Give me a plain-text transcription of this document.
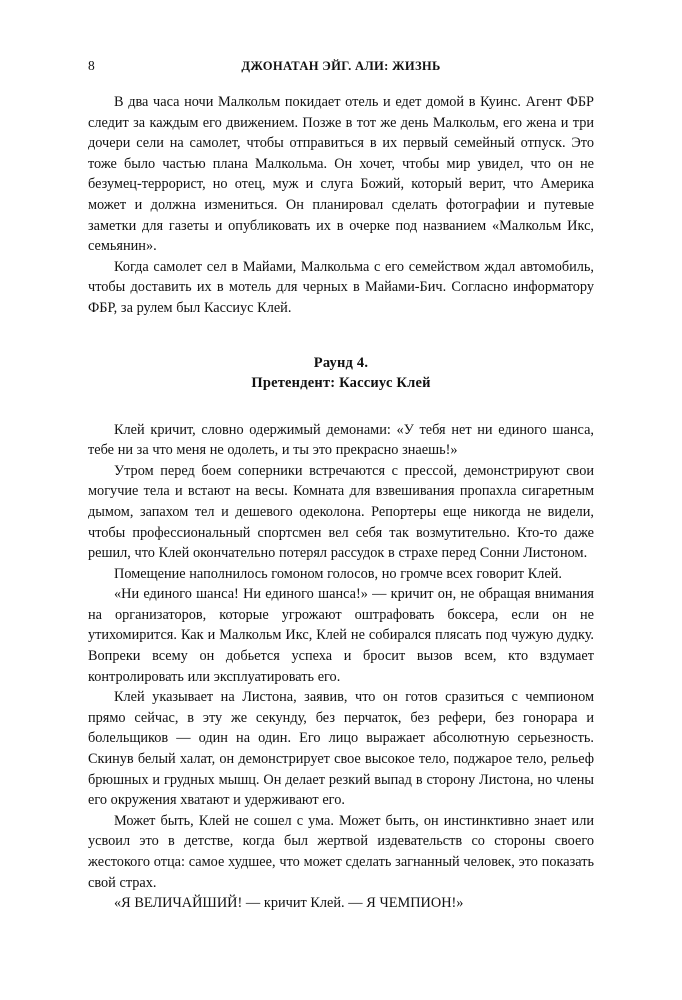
8	ДЖОНАТАН ЭЙГ. АЛИ: ЖИЗНЬ

В два часа ночи Малкольм покидает отель и едет домой в Куинс. Агент ФБР следит за каждым его движением. Позже в тот же день Малкольм, его жена и три дочери сели на самолет, чтобы отправиться в их первый семейный отпуск. Это тоже было частью плана Малкольма. Он хочет, чтобы мир увидел, что он не безумец-террорист, но отец, муж и слуга Божий, который верит, что Америка может и должна измениться. Он планировал сделать фотографии и путевые заметки для газеты и опубликовать их в очерке под названием «Малкольм Икс, семьянин».

Когда самолет сел в Майами, Малкольма с его семейством ждал автомобиль, чтобы доставить их в мотель для черных в Майами-Бич. Согласно информатору ФБР, за рулем был Кассиус Клей.

Раунд 4.
Претендент: Кассиус Клей

Клей кричит, словно одержимый демонами: «У тебя нет ни единого шанса, тебе ни за что меня не одолеть, и ты это прекрасно знаешь!»

Утром перед боем соперники встречаются с прессой, демонстрируют свои могучие тела и встают на весы. Комната для взвешивания пропахла сигаретным дымом, запахом тел и дешевого одеколона. Репортеры еще никогда не видели, чтобы профессиональный спортсмен вел себя так возмутительно. Кто-то даже решил, что Клей окончательно потерял рассудок в страхе перед Сонни Листоном.

Помещение наполнилось гомоном голосов, но громче всех говорит Клей.

«Ни единого шанса! Ни единого шанса!» — кричит он, не обращая внимания на организаторов, которые угрожают оштрафовать боксера, если он не утихомирится. Как и Малкольм Икс, Клей не собирался плясать под чужую дудку. Вопреки всему он добьется успеха и бросит вызов всем, кто вздумает контролировать или эксплуатировать его.

Клей указывает на Листона, заявив, что он готов сразиться с чемпионом прямо сейчас, в эту же секунду, без перчаток, без рефери, без гонорара и болельщиков — один на один. Его лицо выражает абсолютную серьезность. Скинув белый халат, он демонстрирует свое высокое тело, поджарое тело, рельеф брюшных и грудных мышц. Он делает резкий выпад в сторону Листона, но члены его окружения хватают и удерживают его.

Может быть, Клей не сошел с ума. Может быть, он инстинктивно знает или усвоил это в детстве, когда был жертвой издевательств со стороны своего жестокого отца: самое худшее, что может сделать загнанный человек, это показать свой страх.

«Я ВЕЛИЧАЙШИЙ! — кричит Клей. — Я ЧЕМПИОН!»
